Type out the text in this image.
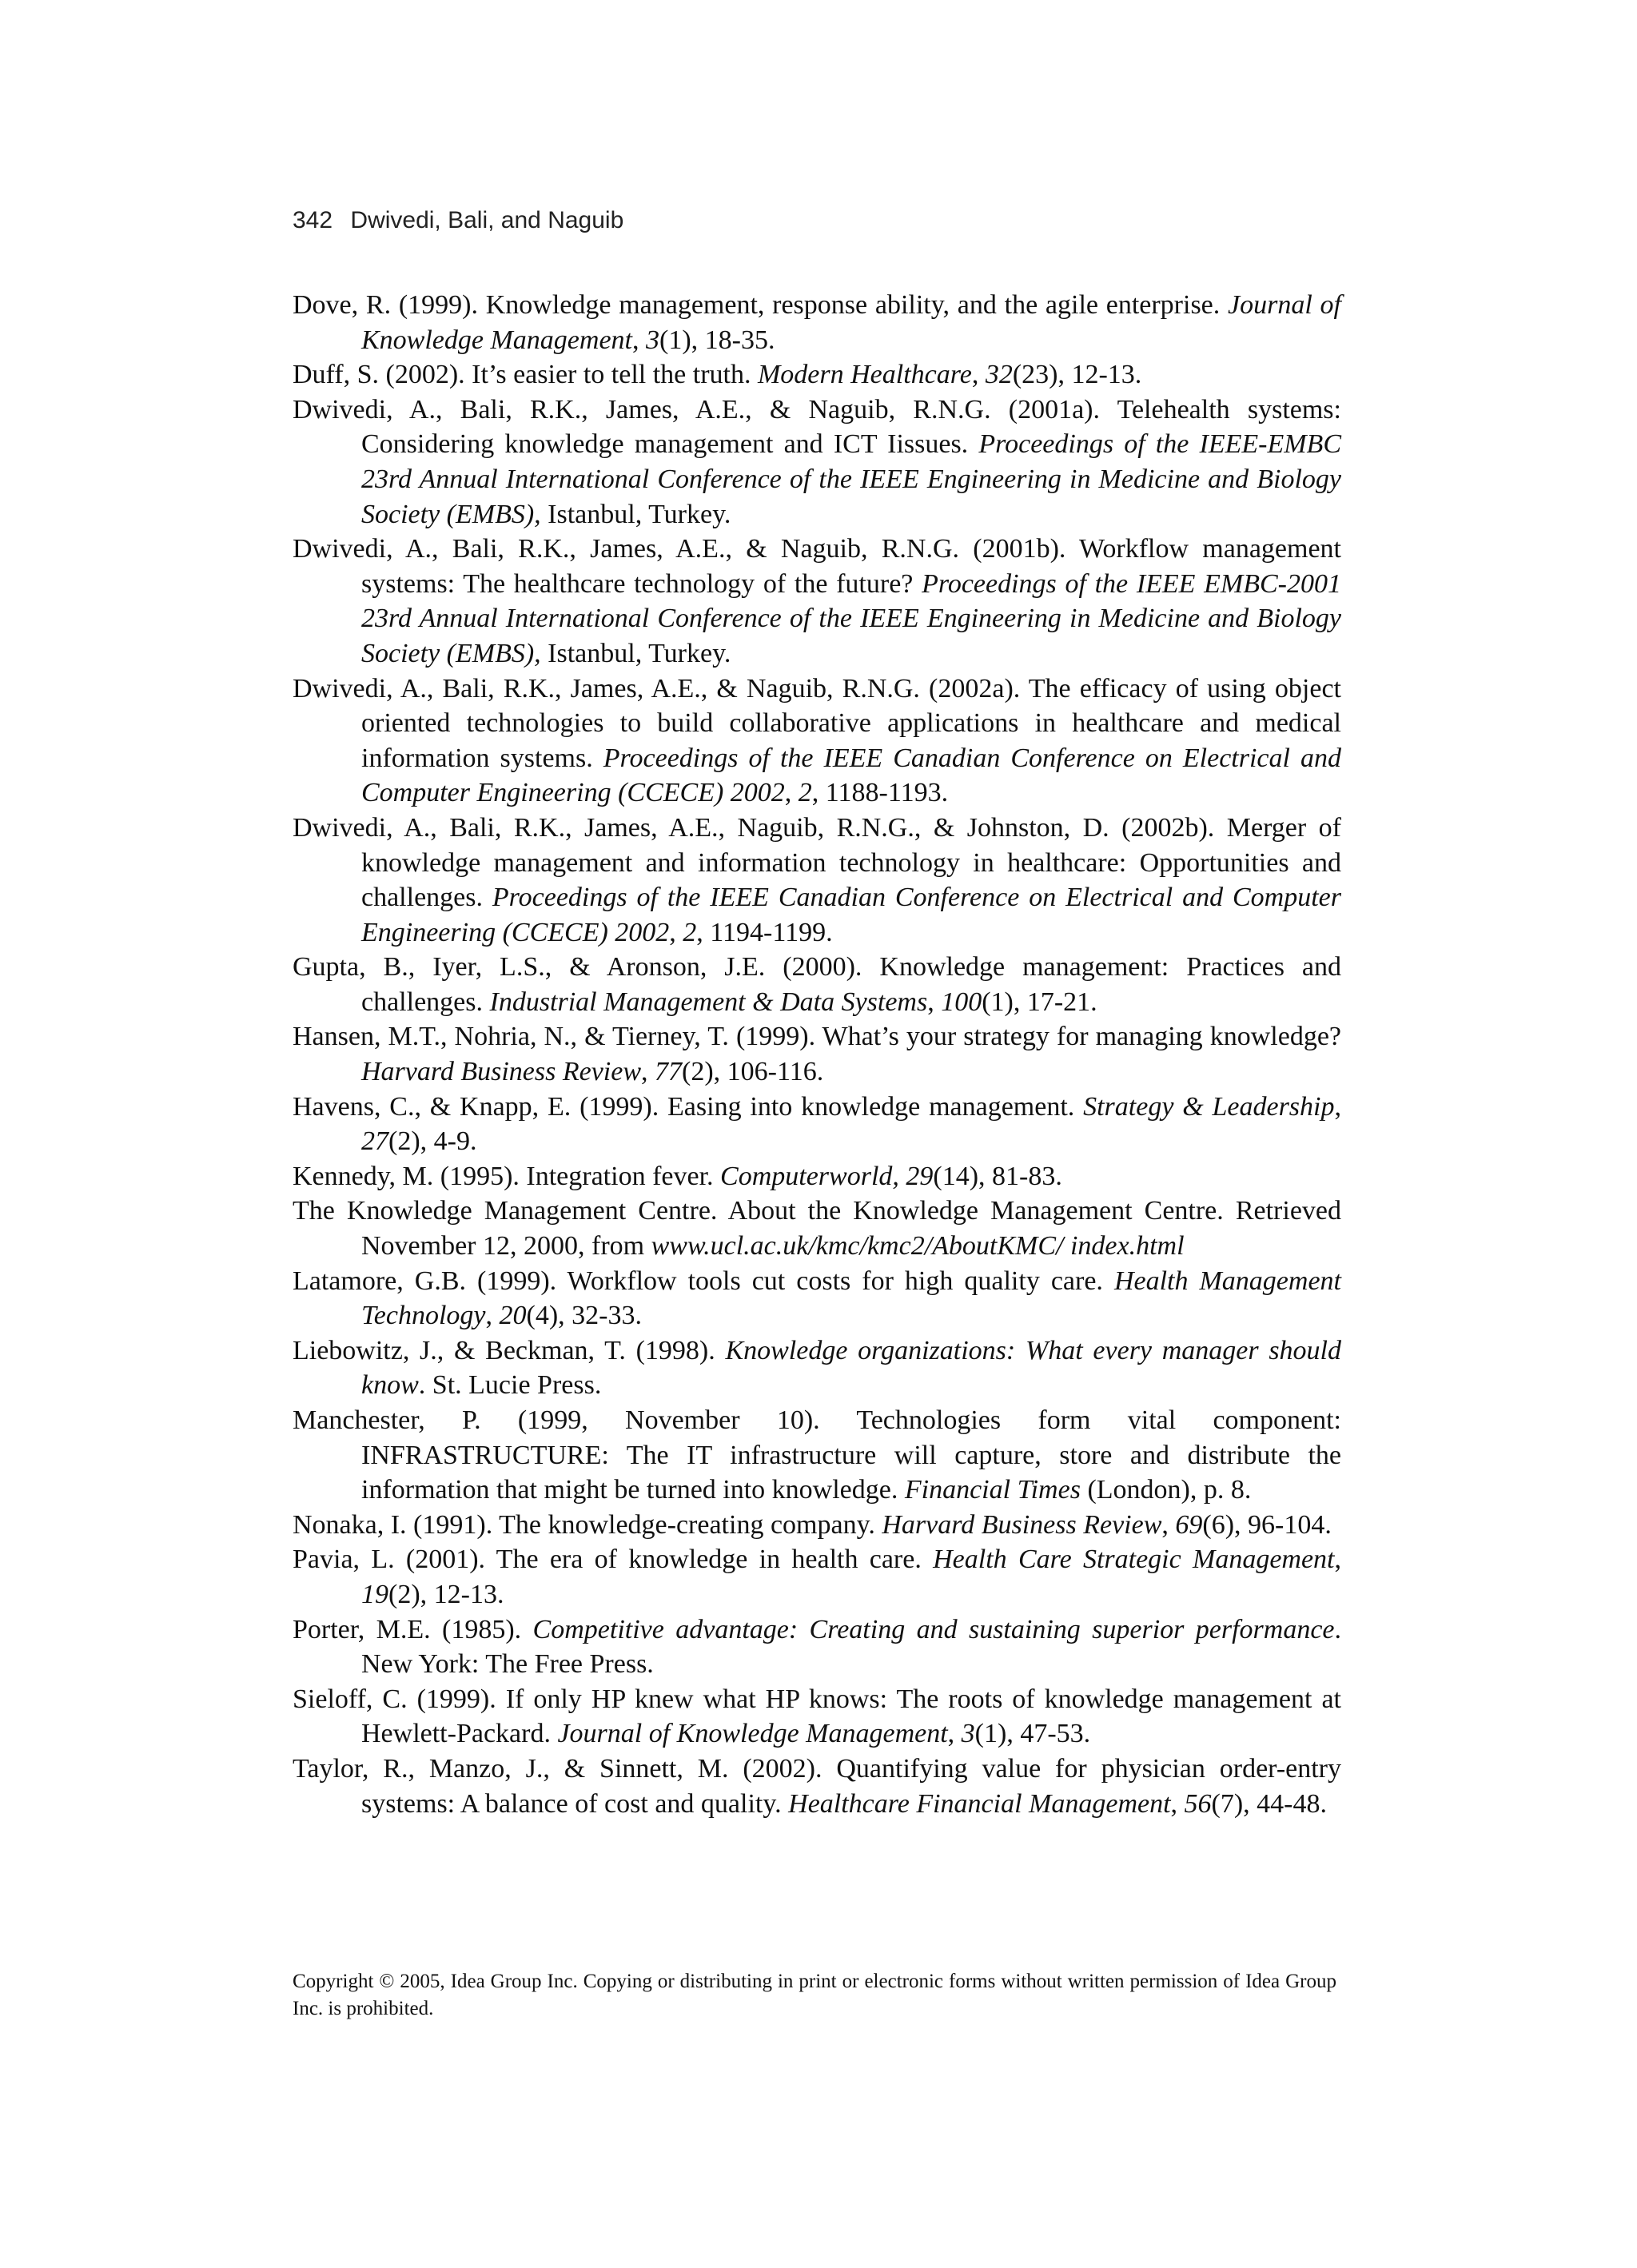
342 Dwivedi, Bali, and Naguib
Dove, R. (1999). Knowledge management, response ability, and the agile enterprise. Journal of Knowledge Management, 3(1), 18-35.
Duff, S. (2002). It’s easier to tell the truth. Modern Healthcare, 32(23), 12-13.
Dwivedi, A., Bali, R.K., James, A.E., & Naguib, R.N.G. (2001a). Telehealth systems: Considering knowledge management and ICT Iissues. Proceedings of the IEEE-EMBC 23rd Annual International Conference of the IEEE Engineering in Medicine and Biology Society (EMBS), Istanbul, Turkey.
Dwivedi, A., Bali, R.K., James, A.E., & Naguib, R.N.G. (2001b). Workflow management systems: The healthcare technology of the future? Proceedings of the IEEE EMBC-2001 23rd Annual International Conference of the IEEE Engineering in Medicine and Biology Society (EMBS), Istanbul, Turkey.
Dwivedi, A., Bali, R.K., James, A.E., & Naguib, R.N.G. (2002a). The efficacy of using object oriented technologies to build collaborative applications in healthcare and medical information systems. Proceedings of the IEEE Canadian Conference on Electrical and Computer Engineering (CCECE) 2002, 2, 1188-1193.
Dwivedi, A., Bali, R.K., James, A.E., Naguib, R.N.G., & Johnston, D. (2002b). Merger of knowledge management and information technology in healthcare: Opportunities and challenges. Proceedings of the IEEE Canadian Conference on Electrical and Computer Engineering (CCECE) 2002, 2, 1194-1199.
Gupta, B., Iyer, L.S., & Aronson, J.E. (2000). Knowledge management: Practices and challenges. Industrial Management & Data Systems, 100(1), 17-21.
Hansen, M.T., Nohria, N., & Tierney, T. (1999). What’s your strategy for managing knowledge? Harvard Business Review, 77(2), 106-116.
Havens, C., & Knapp, E. (1999). Easing into knowledge management. Strategy & Leadership, 27(2), 4-9.
Kennedy, M. (1995). Integration fever. Computerworld, 29(14), 81-83.
The Knowledge Management Centre. About the Knowledge Management Centre. Retrieved November 12, 2000, from www.ucl.ac.uk/kmc/kmc2/AboutKMC/ index.html
Latamore, G.B. (1999). Workflow tools cut costs for high quality care. Health Management Technology, 20(4), 32-33.
Liebowitz, J., & Beckman, T. (1998). Knowledge organizations: What every manager should know. St. Lucie Press.
Manchester, P. (1999, November 10). Technologies form vital component: INFRASTRUCTURE: The IT infrastructure will capture, store and distribute the information that might be turned into knowledge. Financial Times (London), p. 8.
Nonaka, I. (1991). The knowledge-creating company. Harvard Business Review, 69(6), 96-104.
Pavia, L. (2001). The era of knowledge in health care. Health Care Strategic Management, 19(2), 12-13.
Porter, M.E. (1985). Competitive advantage: Creating and sustaining superior performance. New York: The Free Press.
Sieloff, C. (1999). If only HP knew what HP knows: The roots of knowledge management at Hewlett-Packard. Journal of Knowledge Management, 3(1), 47-53.
Taylor, R., Manzo, J., & Sinnett, M. (2002). Quantifying value for physician order-entry systems: A balance of cost and quality. Healthcare Financial Management, 56(7), 44-48.
Copyright © 2005, Idea Group Inc. Copying or distributing in print or electronic forms without written permission of Idea Group Inc. is prohibited.
